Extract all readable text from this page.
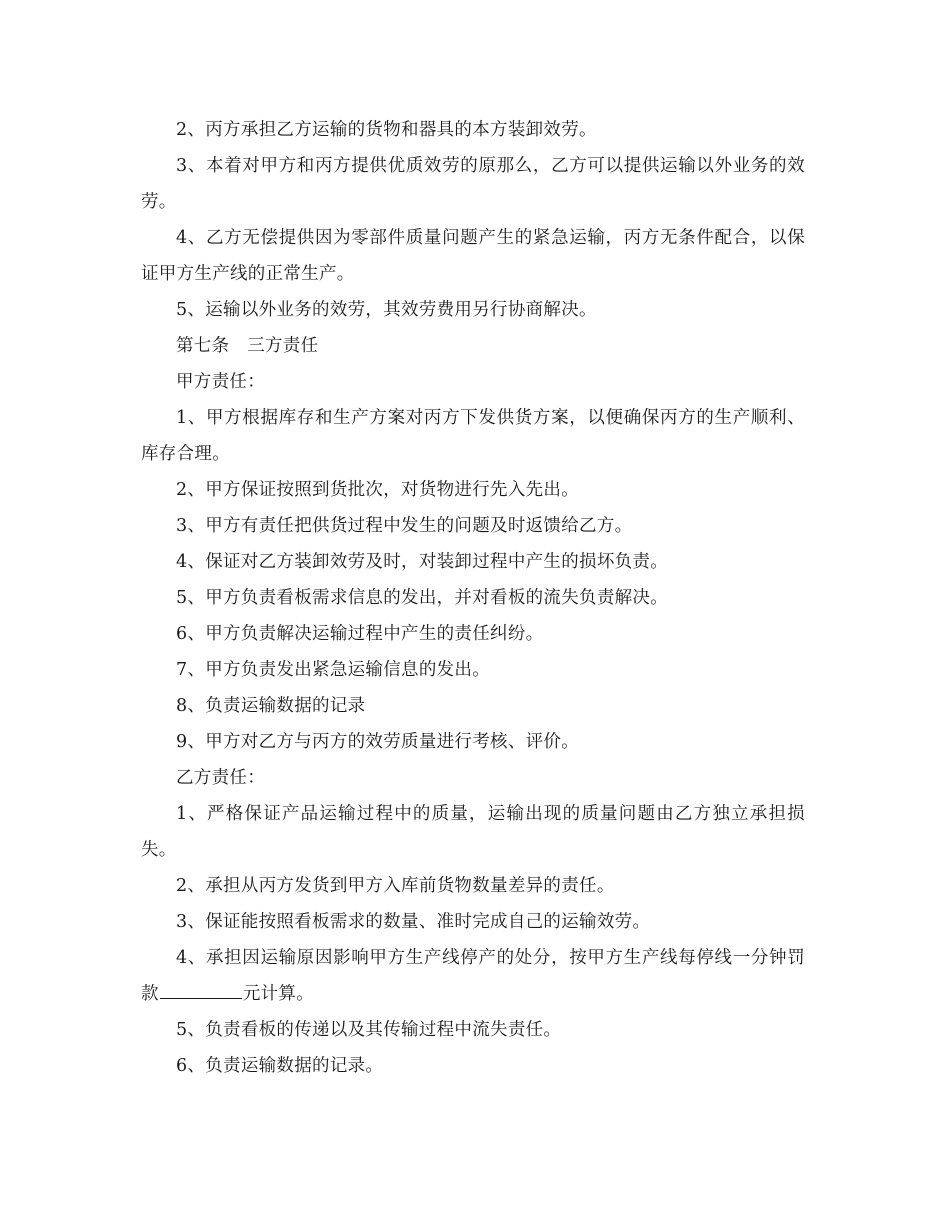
2、丙方承担乙方运输的货物和器具的本方装卸效劳。

3、本着对甲方和丙方提供优质效劳的原那么，乙方可以提供运输以外业务的效劳。

4、乙方无偿提供因为零部件质量问题产生的紧急运输，丙方无条件配合，以保证甲方生产线的正常生产。

5、运输以外业务的效劳，其效劳费用另行协商解决。

第七条　三方责任

甲方责任：

1、甲方根据库存和生产方案对丙方下发供货方案，以便确保丙方的生产顺利、库存合理。

2、甲方保证按照到货批次，对货物进行先入先出。

3、甲方有责任把供货过程中发生的问题及时返馈给乙方。

4、保证对乙方装卸效劳及时，对装卸过程中产生的损坏负责。

5、甲方负责看板需求信息的发出，并对看板的流失负责解决。

6、甲方负责解决运输过程中产生的责任纠纷。

7、甲方负责发出紧急运输信息的发出。

8、负责运输数据的记录

9、甲方对乙方与丙方的效劳质量进行考核、评价。

乙方责任：

1、严格保证产品运输过程中的质量，运输出现的质量问题由乙方独立承担损失。

2、承担从丙方发货到甲方入库前货物数量差异的责任。

3、保证能按照看板需求的数量、准时完成自己的运输效劳。

4、承担因运输原因影响甲方生产线停产的处分，按甲方生产线每停线一分钟罚款	元计算。

5、负责看板的传递以及其传输过程中流失责任。

6、负责运输数据的记录。
